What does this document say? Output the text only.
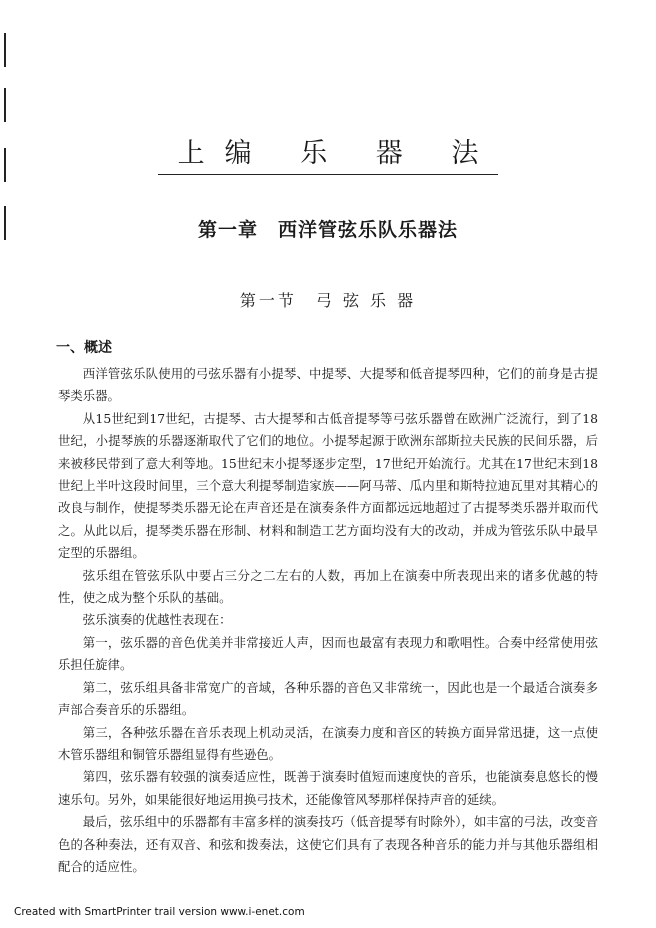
上编 乐 器 法
第一章　西洋管弦乐队乐器法
第一节　弓 弦 乐 器
一、概述

西洋管弦乐队使用的弓弦乐器有小提琴、中提琴、大提琴和低音提琴四种，它们的前身是古提琴类乐器。

从15世纪到17世纪，古提琴、古大提琴和古低音提琴等弓弦乐器曾在欧洲广泛流行，到了18世纪，小提琴族的乐器逐渐取代了它们的地位。小提琴起源于欧洲东部斯拉夫民族的民间乐器，后来被移民带到了意大利等地。15世纪末小提琴逐步定型，17世纪开始流行。尤其在17世纪末到18世纪上半叶这段时间里，三个意大利提琴制造家族——阿马蒂、瓜内里和斯特拉迪瓦里对其精心的改良与制作，使提琴类乐器无论在声音还是在演奏条件方面都远远地超过了古提琴类乐器并取而代之。从此以后，提琴类乐器在形制、材料和制造工艺方面均没有大的改动，并成为管弦乐队中最早定型的乐器组。

弦乐组在管弦乐队中要占三分之二左右的人数，再加上在演奏中所表现出来的诸多优越的特性，使之成为整个乐队的基础。

弦乐演奏的优越性表现在：

第一，弦乐器的音色优美并非常接近人声，因而也最富有表现力和歌唱性。合奏中经常使用弦乐担任旋律。

第二，弦乐组具备非常宽广的音域，各种乐器的音色又非常统一，因此也是一个最适合演奏多声部合奏音乐的乐器组。

第三，各种弦乐器在音乐表现上机动灵活，在演奏力度和音区的转换方面异常迅捷，这一点使木管乐器组和铜管乐器组显得有些逊色。

第四，弦乐器有较强的演奏适应性，既善于演奏时值短而速度快的音乐，也能演奏息悠长的慢速乐句。另外，如果能很好地运用换弓技术，还能像管风琴那样保持声音的延续。

最后，弦乐组中的乐器都有丰富多样的演奏技巧（低音提琴有时除外），如丰富的弓法，改变音色的各种奏法，还有双音、和弦和拨奏法，这使它们具有了表现各种音乐的能力并与其他乐器组相配合的适应性。

Created with SmartPrinter trail version www.i-enet.com
